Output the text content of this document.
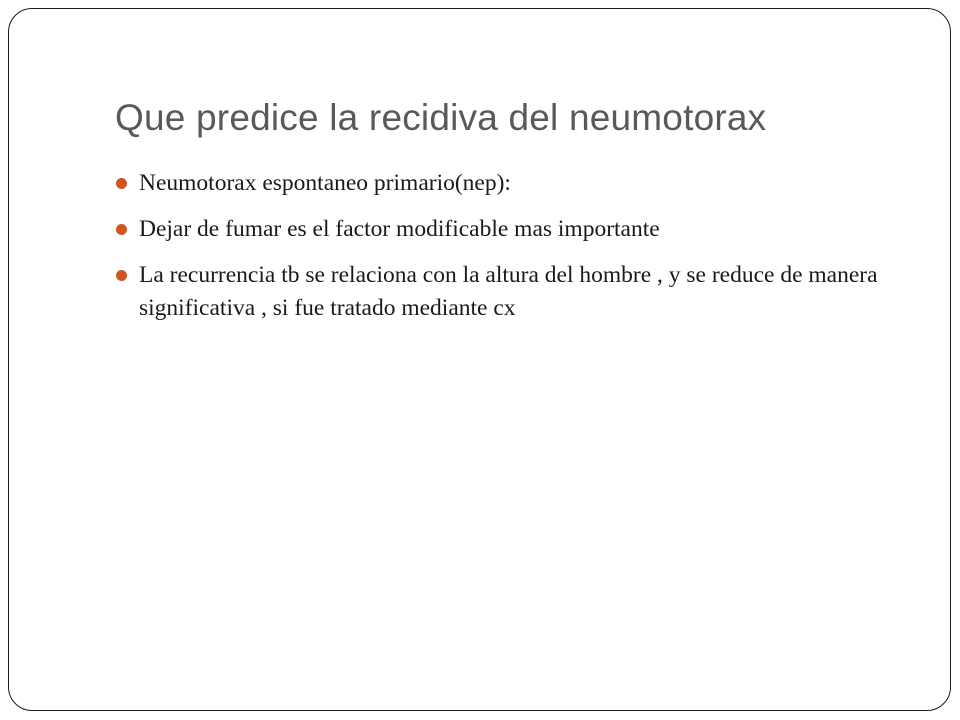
Que predice la recidiva del neumotorax
Neumotorax espontaneo primario(nep):
Dejar de fumar es el factor modificable mas importante
La recurrencia tb se relaciona con la altura del hombre , y se reduce de manera significativa , si fue tratado mediante cx
